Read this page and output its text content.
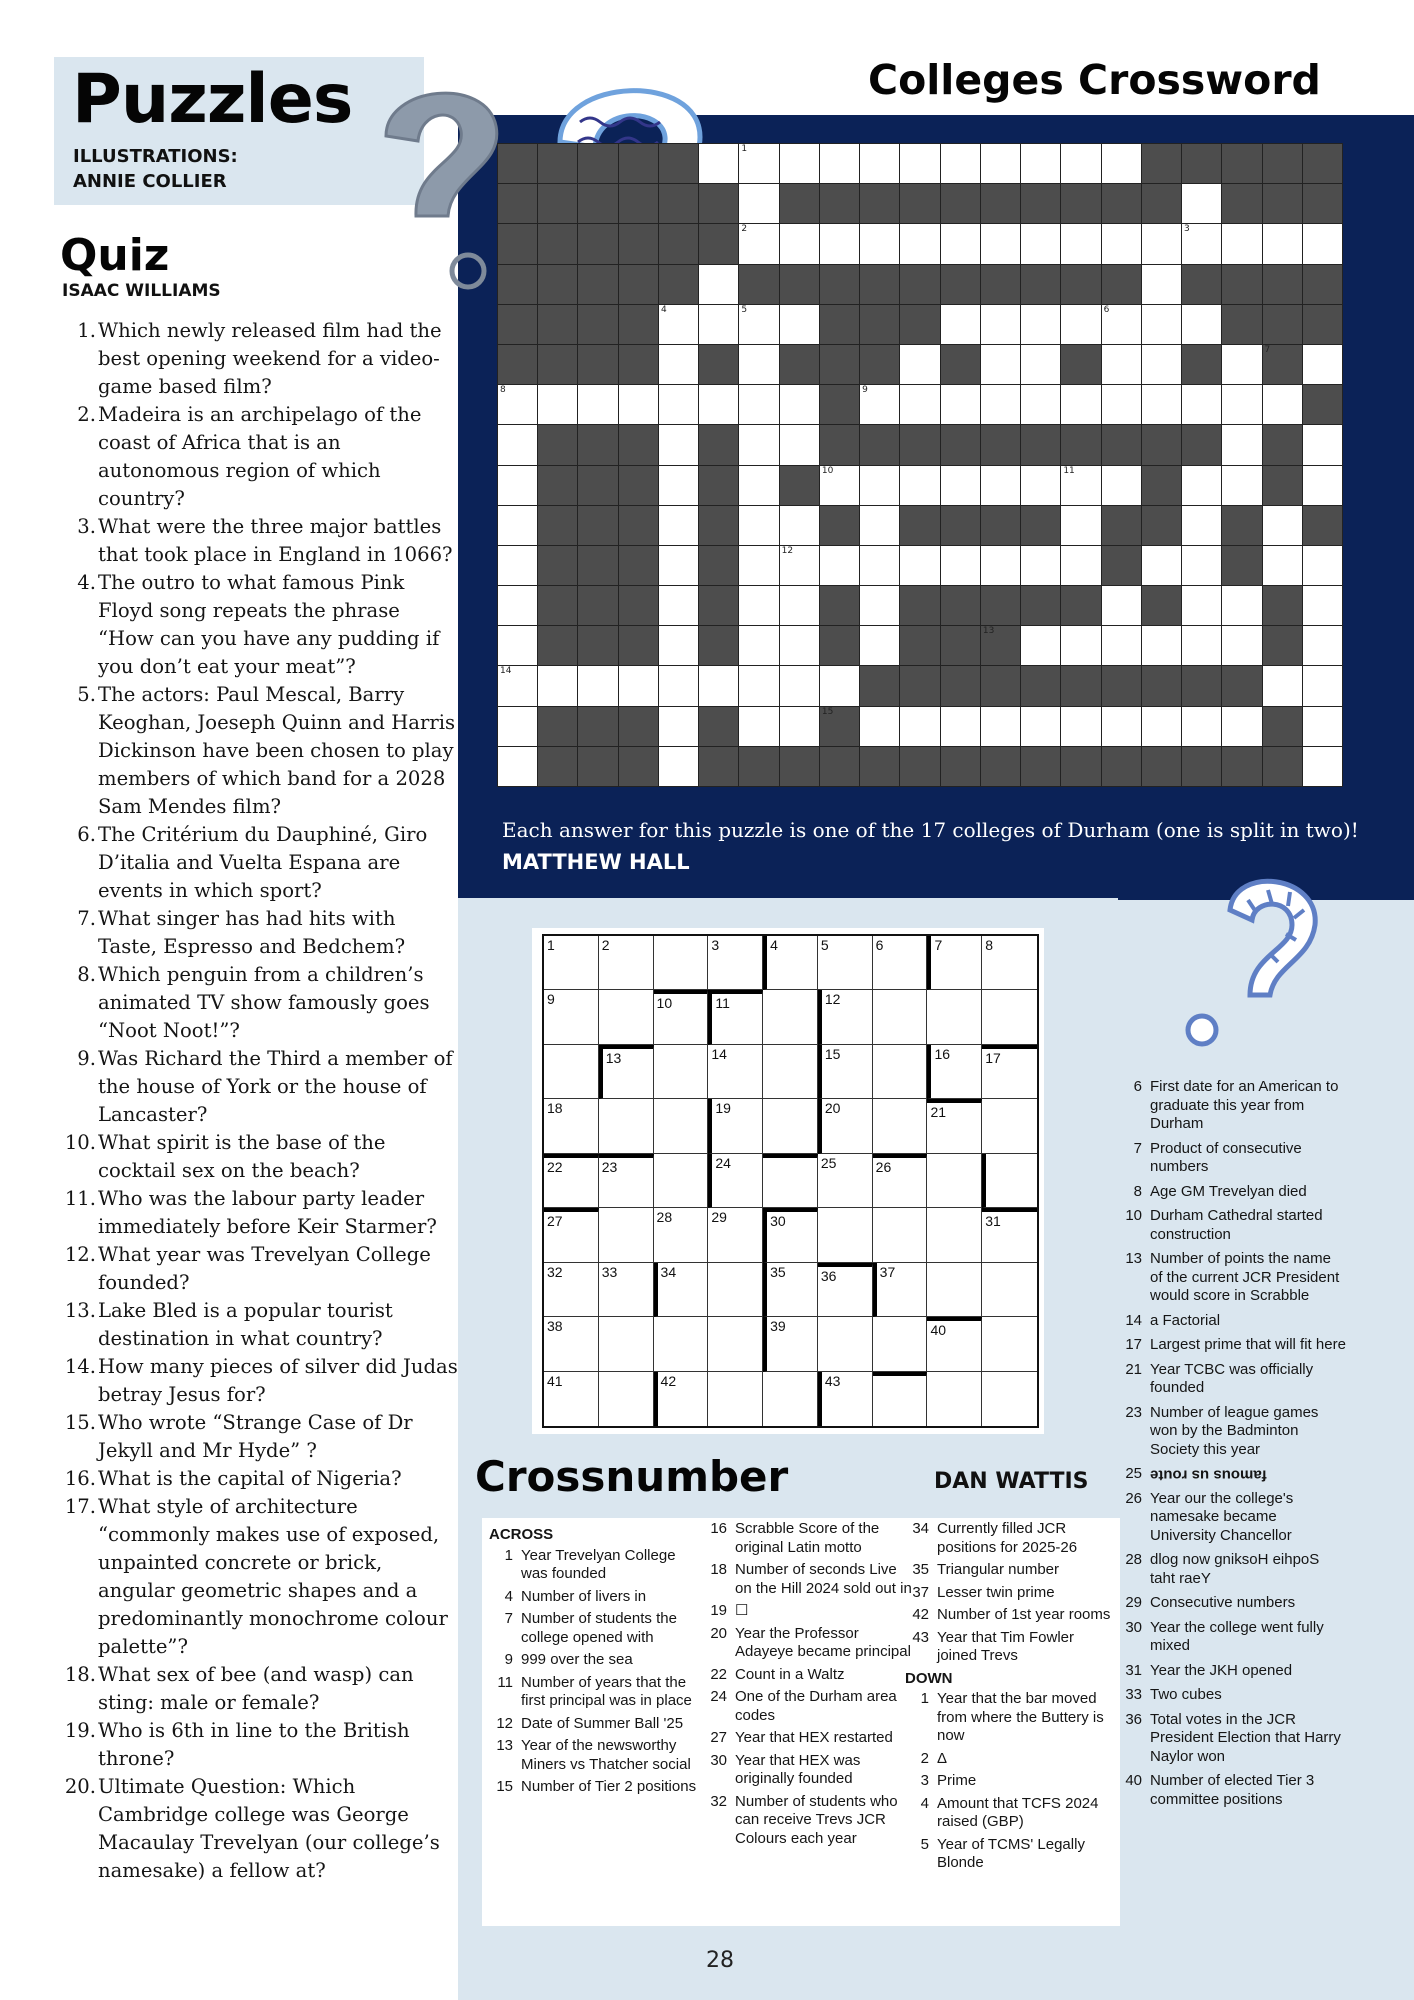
Puzzles
ILLUSTRATIONS:
ANNIE COLLIER
Colleges Crossword
Quiz
ISAAC WILLIAMS
1. Which newly released film had the best opening weekend for a video-game based film?
2. Madeira is an archipelago of the coast of Africa that is an autonomous region of which country?
3. What were the three major battles that took place in England in 1066?
4. The outro to what famous Pink Floyd song repeats the phrase “How can you have any pudding if you don’t eat your meat”?
5. The actors: Paul Mescal, Barry Keoghan, Joeseph Quinn and Harris Dickinson have been chosen to play members of which band for a 2028 Sam Mendes film?
6. The Critérium du Dauphiné, Giro D’italia and Vuelta Espana are events in which sport?
7. What singer has had hits with Taste, Espresso and Bedchem?
8. Which penguin from a children’s animated TV show famously goes “Noot Noot!”?
9. Was Richard the Third a member of the house of York or the house of Lancaster?
10. What spirit is the base of the cocktail sex on the beach?
11. Who was the labour party leader immediately before Keir Starmer?
12. What year was Trevelyan College founded?
13. Lake Bled is a popular tourist destination in what country?
14. How many pieces of silver did Judas betray Jesus for?
15. Who wrote “Strange Case of Dr Jekyll and Mr Hyde” ?
16. What is the capital of Nigeria?
17. What style of architecture “commonly makes use of exposed, unpainted concrete or brick, angular geometric shapes and a predominantly monochrome colour palette”?
18. What sex of bee (and wasp) can sting: male or female?
19. Who is 6th in line to the British throne?
20. Ultimate Question: Which Cambridge college was George Macaulay Trevelyan (our college’s namesake) a fellow at?
1
2	3
4	5	6
7
8	9
10	11
12
13
14
15
Each answer for this puzzle is one of the 17 colleges of Durham (one is split in two)!
MATTHEW HALL
1	2	3	4	5	6	7	8
9	10	11	12
13	14	15	16	17
18	19	20	21
22	23	24	25	26
27	28	29	30	31
32	33	34	35	36	37
38	39	40
41	42	43
Crossnumber	DAN WATTIS
ACROSS
1 Year Trevelyan College was founded
4 Number of livers in
7 Number of students the college opened with
9 999 over the sea
11 Number of years that the first principal was in place
12 Date of Summer Ball '25
13 Year of the newsworthy Miners vs Thatcher social
15 Number of Tier 2 positions
16 Scrabble Score of the original Latin motto
18 Number of seconds Live on the Hill 2024 sold out in
19 ☐
20 Year the Professor Adayeye became principal
22 Count in a Waltz
24 One of the Durham area codes
27 Year that HEX restarted
30 Year that HEX was originally founded
32 Number of students who can receive Trevs JCR Colours each year
34 Currently filled JCR positions for 2025-26
35 Triangular number
37 Lesser twin prime
42 Number of 1st year rooms
43 Year that Tim Fowler joined Trevs
DOWN
1 Year that the bar moved from where the Buttery is now
2 Δ
3 Prime
4 Amount that TCFS 2024 raised (GBP)
5 Year of TCMS' Legally Blonde
6 First date for an American to graduate this year from Durham
7 Product of consecutive numbers
8 Age GM Trevelyan died
10 Durham Cathedral started construction
13 Number of points the name of the current JCR President would score in Scrabble
14 a Factorial
17 Largest prime that will fit here
21 Year TCBC was officially founded
23 Number of league games won by the Badminton Society this year
25 famous us route
26 Year our the college's namesake became University Chancellor
28 dlog now gniksoH eihpoS taht raeY
29 Consecutive numbers
30 Year the college went fully mixed
31 Year the JKH opened
33 Two cubes
36 Total votes in the JCR President Election that Harry Naylor won
40 Number of elected Tier 3 committee positions
28
